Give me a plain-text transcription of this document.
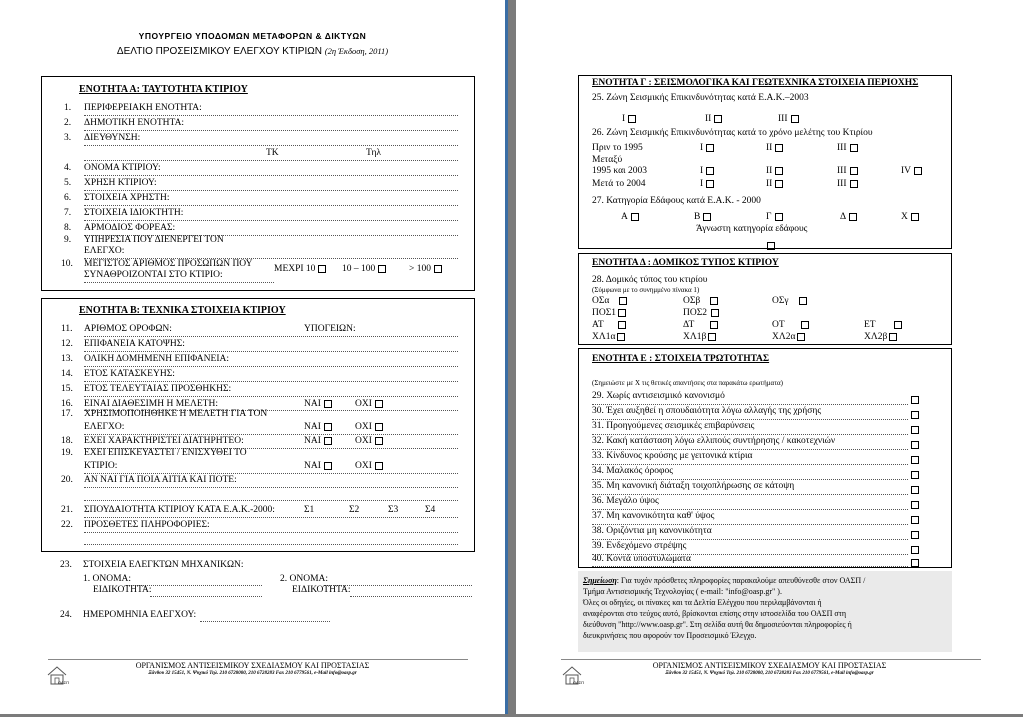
ΥΠΟΥΡΓΕΙΟ ΥΠΟΔΟΜΩΝ ΜΕΤΑΦΟΡΩΝ & ΔΙΚΤΥΩΝ
ΔΕΛΤΙΟ ΠΡΟΣΕΙΣΜΙΚΟΥ ΕΛΕΓΧΟΥ ΚΤΙΡΙΩΝ (2η Έκδοση, 2011)
ΕΝΟΤΗΤΑ Α: ΤΑΥΤΟΤΗΤΑ ΚΤΙΡΙΟΥ
1. ΠΕΡΙΦΕΡΕΙΑΚΗ ΕΝΟΤΗΤΑ:
2. ΔΗΜΟΤΙΚΗ ΕΝΟΤΗΤΑ:
3. ΔΙΕΥΘΥΝΣΗ:
ΤΚ	Τηλ
4. ΟΝΟΜΑ ΚΤΙΡΙΟΥ:
5. ΧΡΗΣΗ ΚΤΙΡΙΟΥ:
6. ΣΤΟΙΧΕΙΑ ΧΡΗΣΤΗ:
7. ΣΤΟΙΧΕΙΑ ΙΔΙΟΚΤΗΤΗ:
8. ΑΡΜΟΔΙΟΣ ΦΟΡΕΑΣ:
9. ΥΠΗΡΕΣΙΑ ΠΟΥ ΔΙΕΝΕΡΓΕΙ ΤΟΝ
ΕΛΕΓΧΟ:
10. ΜΕΓΙΣΤΟΣ ΑΡΙΘΜΟΣ ΠΡΟΣΩΠΩΝ ΠΟΥ
ΣΥΝΑΘΡΟΙΖΟΝΤΑΙ ΣΤΟ ΚΤΙΡΙΟ:
ΜΕΧΡΙ 10	10 – 100	> 100
ΕΝΟΤΗΤΑ Β: ΤΕΧΝΙΚΑ ΣΤΟΙΧΕΙΑ ΚΤΙΡΙΟΥ
11. ΑΡΙΘΜΟΣ ΟΡΟΦΩΝ:	ΥΠΟΓΕΙΩΝ:
12. ΕΠΙΦΑΝΕΙΑ ΚΑΤΟΨΗΣ:
13. ΟΛΙΚΗ ΔΟΜΗΜΕΝΗ ΕΠΙΦΑΝΕΙΑ:
14. ΕΤΟΣ ΚΑΤΑΣΚΕΥΗΣ:
15. ΕΤΟΣ ΤΕΛΕΥΤΑΙΑΣ ΠΡΟΣΘΗΚΗΣ:
16. ΕΙΝΑΙ ΔΙΑΘΕΣΙΜΗ Η ΜΕΛΕΤΗ:	ΝΑΙ	ΟΧΙ
17. ΧΡΗΣΙΜΟΠΟΙΗΘΗΚΕ Η ΜΕΛΕΤΗ ΓΙΑ ΤΟΝ
ΕΛΕΓΧΟ:	ΝΑΙ	ΟΧΙ
18. ΕΧΕΙ ΧΑΡΑΚΤΗΡΙΣΤΕΙ ΔΙΑΤΗΡΗΤΕΟ:	ΝΑΙ	ΟΧΙ
19. ΕΧΕΙ ΕΠΙΣΚΕΥΑΣΤΕΙ / ΕΝΙΣΧΥΘΕΙ ΤΟ
ΚΤΙΡΙΟ:	ΝΑΙ	ΟΧΙ
20. ΑΝ ΝΑΙ ΓΙΑ ΠΟΙΑ ΑΙΤΙΑ ΚΑΙ ΠΟΤΕ:
21. ΣΠΟΥΔΑΙΟΤΗΤΑ ΚΤΙΡΙΟΥ ΚΑΤΑ Ε.Α.Κ.-2000:	Σ1	Σ2	Σ3	Σ4
22. ΠΡΟΣΘΕΤΕΣ ΠΛΗΡΟΦΟΡΙΕΣ:
23. ΣΤΟΙΧΕΙΑ ΕΛΕΓΚΤΩΝ ΜΗΧΑΝΙΚΩΝ:
1. ΟΝΟΜΑ:
ΕΙΔΙΚΟΤΗΤΑ:
2. ΟΝΟΜΑ:
ΕΙΔΙΚΟΤΗΤΑ:
24. ΗΜΕΡΟΜΗΝΙΑ ΕΛΕΓΧΟΥ:
ΟΑΣΠ
ΟΡΓΑΝΙΣΜΟΣ ΑΝΤΙΣΕΙΣΜΙΚΟΥ ΣΧΕΔΙΑΣΜΟΥ ΚΑΙ ΠΡΟΣΤΑΣΙΑΣ
Ξάνθου 32 15451, Ν. Ψυχικό Τηλ. 210 6728000, 210 6728283 Fax 210 6779561, e-Mail info@oasp.gr
ΕΝΟΤΗΤΑ Γ : ΣΕΙΣΜΟΛΟΓΙΚΑ ΚΑΙ ΓΕΩΤΕΧΝΙΚΑ ΣΤΟΙΧΕΙΑ ΠΕΡΙΟΧΗΣ
25. Ζώνη Σεισμικής Επικινδυνότητας κατά Ε.Α.Κ.–2003
Ι	ΙΙ	ΙΙΙ
26. Ζώνη Σεισμικής Επικινδυνότητας κατά το χρόνο μελέτης του Κτιρίου
Πριν το 1995	Ι	ΙΙ	ΙΙΙ
Μεταξύ
1995 και 2003	Ι	ΙΙ	ΙΙΙ	IV
Μετά το 2004	Ι	ΙΙ	ΙΙΙ
27. Κατηγορία Εδάφους κατά Ε.Α.Κ. - 2000
Α	Β	Γ	Δ	Χ
Άγνωστη κατηγορία εδάφους
ΕΝΟΤΗΤΑ Δ : ΔΟΜΙΚΟΣ ΤΥΠΟΣ ΚΤΙΡΙΟΥ
28. Δομικός τύπος του κτιρίου
(Σύμφωνα με το συνημμένο πίνακα 1)
ΟΣα	ΟΣβ	ΟΣγ
ΠΟΣ1	ΠΟΣ2
ΑΤ	ΔΤ	ΟΤ	ΕΤ
ΧΛ1α	ΧΛ1β	ΧΛ2α	ΧΛ2β
ΕΝΟΤΗΤΑ Ε : ΣΤΟΙΧΕΙΑ ΤΡΩΤΟΤΗΤΑΣ
(Σημειώστε με Χ τις θετικές απαντήσεις στα παρακάτω ερωτήματα)
29. Χωρίς αντισεισμικό κανονισμό
30. Έχει αυξηθεί η σπουδαιότητα λόγω αλλαγής της χρήσης
31. Προηγούμενες σεισμικές επιβαρύνσεις
32. Κακή κατάσταση λόγω ελλιπούς συντήρησης / κακοτεχνιών
33. Κίνδυνος κρούσης με γειτονικά κτίρια
34. Μαλακός όροφος
35. Μη κανονική διάταξη τοιχοπλήρωσης σε κάτοψη
36. Μεγάλο ύψος
37. Μη κανονικότητα καθ' ύψος
38. Οριζόντια μη κανονικότητα
39. Ενδεχόμενο στρέψης
40. Κοντά υποστυλώματα
Σημείωση: Για τυχόν πρόσθετες πληροφορίες παρακαλούμε απευθύνεσθε στον ΟΑΣΠ /
Τμήμα Αντισεισμικής Τεχνολογίας ( e-mail: "info@oasp.gr" ).
Όλες οι οδηγίες, οι πίνακες και τα Δελτία Ελέγχου που περιλαμβάνονται ή
αναφέρονται στο τεύχος αυτό, βρίσκονται επίσης στην ιστοσελίδα του ΟΑΣΠ στη
διεύθυνση "http://www.oasp.gr". Στη σελίδα αυτή θα δημοσιεύονται πληροφορίες ή
διευκρινήσεις που αφορούν τον Προσεισμικό Έλεγχο.
ΟΑΣΠ
ΟΡΓΑΝΙΣΜΟΣ ΑΝΤΙΣΕΙΣΜΙΚΟΥ ΣΧΕΔΙΑΣΜΟΥ ΚΑΙ ΠΡΟΣΤΑΣΙΑΣ
Ξάνθου 32 15451, Ν. Ψυχικό Τηλ. 210 6728000, 210 6728283 Fax 210 6779561, e-Mail info@oasp.gr
